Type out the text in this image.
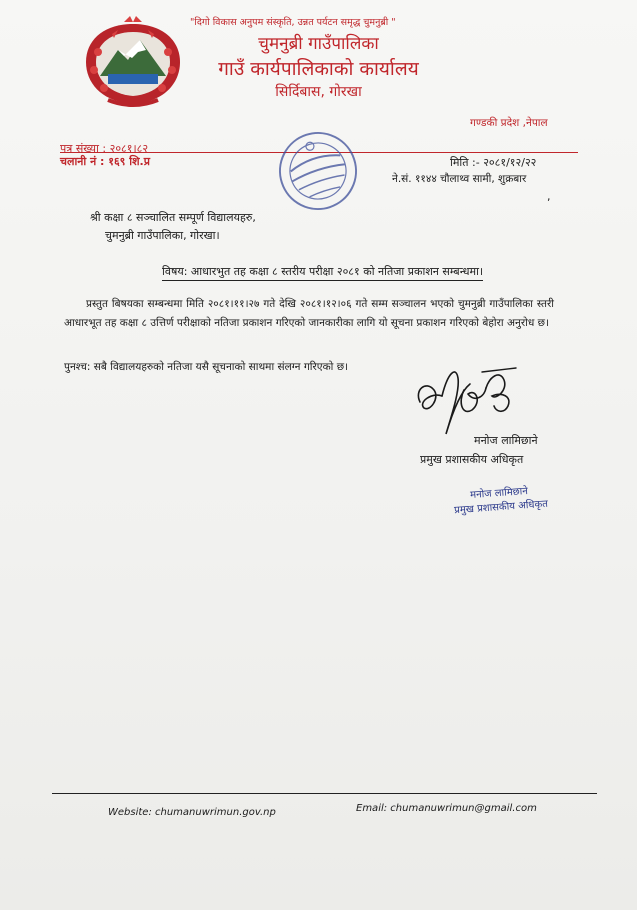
"दिगो विकास अनुपम संस्कृति, उन्नत पर्यटन समृद्ध चुमनुब्री "
चुमनुब्री गाउँपालिका
गाउँ कार्यपालिकाको कार्यालय
सिर्दिबास, गोरखा
गण्डकी प्रदेश ,नेपाल
पत्र संख्या : २०८१।८२
चलानी नं : १६९ शि.प्र	मिति :- २०८१/१२/२२
ने.सं. ११४४ चौलाथ्व सामी, शुक्रबार
,
श्री कक्षा ८ सञ्चालित सम्पूर्ण विद्यालयहरु,
चुमनुब्री गाउँपालिका, गोरखा।
विषय: आधारभुत तह कक्षा ८ स्तरीय परीक्षा २०८१ को नतिजा प्रकाशन सम्बन्धमा।
प्रस्तुत बिषयका सम्बन्धमा मिति २०८१।११।२७ गते देखि २०८१।१२।०६ गते सम्म सञ्चालन भएको चुमनुब्री गाउँपालिका स्तरी आधारभूत तह कक्षा ८ उत्तिर्ण परीक्षाको नतिजा प्रकाशन गरिएको जानकारीका लागि यो सूचना प्रकाशन गरिएको बेहोरा अनुरोध छ।
पुनश्च: सबै विद्यालयहरुको नतिजा यसै सूचनाको साथमा संलग्न गरिएको छ।
मनोज लामिछाने
प्रमुख प्रशासकीय अधिकृत
मनोज लामिछाने
प्रमुख प्रशासकीय अधिकृत
Website: chumanuwrimun.gov.np	Email: chumanuwrimun@gmail.com
